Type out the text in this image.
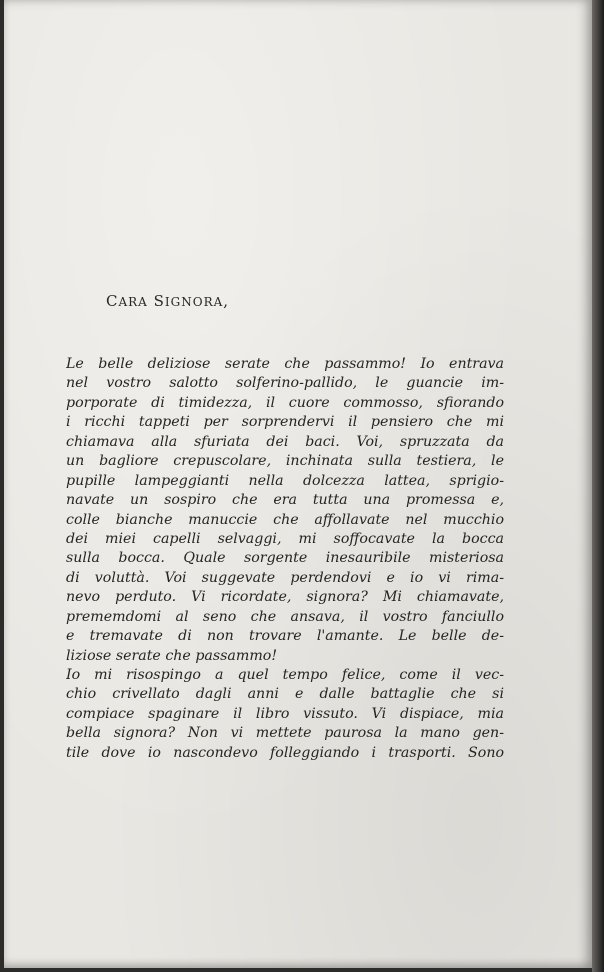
CARA SIGNORA,
Le belle deliziose serate che passammo! Io entrava
nel vostro salotto solferino-pallido, le guancie im-
porporate di timidezza, il cuore commosso, sfiorando
i ricchi tappeti per sorprendervi il pensiero che mi
chiamava alla sfuriata dei baci. Voi, spruzzata da
un bagliore crepuscolare, inchinata sulla testiera, le
pupille lampeggianti nella dolcezza lattea, sprigio-
navate un sospiro che era tutta una promessa e,
colle bianche manuccie che affollavate nel mucchio
dei miei capelli selvaggi, mi soffocavate la bocca
sulla bocca. Quale sorgente inesauribile misteriosa
di voluttà. Voi suggevate perdendovi e io vi rima-
nevo perduto. Vi ricordate, signora? Mi chiamavate,
prememdomi al seno che ansava, il vostro fanciullo
e tremavate di non trovare l'amante. Le belle de-
liziose serate che passammo!
Io mi risospingo a quel tempo felice, come il vec-
chio crivellato dagli anni e dalle battaglie che si
compiace spaginare il libro vissuto. Vi dispiace, mia
bella signora? Non vi mettete paurosa la mano gen-
tile dove io nascondevo folleggiando i trasporti. Sono
